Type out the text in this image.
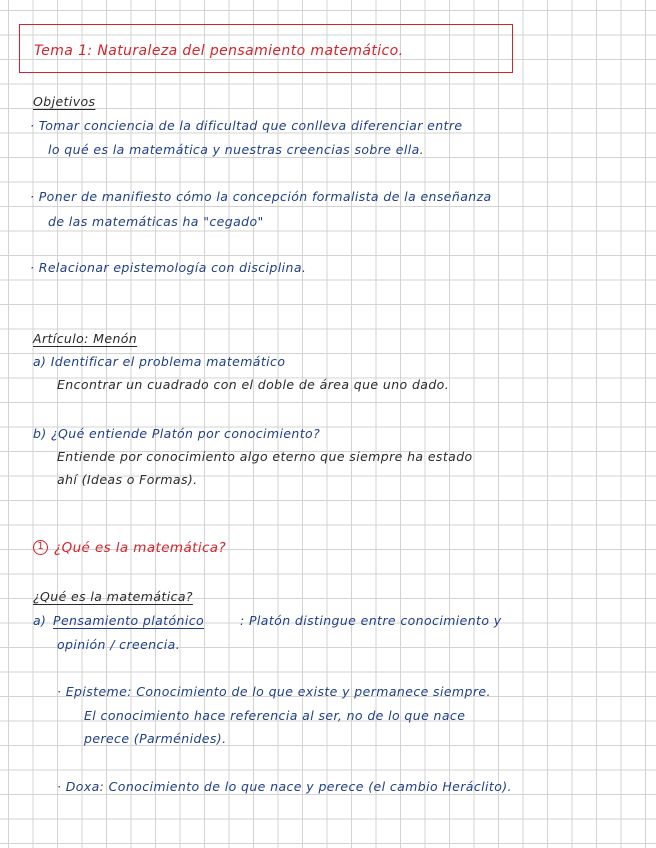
Tema 1: Naturaleza del pensamiento matemático.

Objetivos

· Tomar conciencia de la dificultad que conlleva diferenciar entre

lo qué es la matemática y nuestras creencias sobre ella.

· Poner de manifiesto cómo la concepción formalista de la enseñanza

de las matemáticas ha "cegado"

· Relacionar epistemología con disciplina.

Artículo: Menón

a) Identificar el problema matemático

Encontrar un cuadrado con el doble de área que uno dado.

b) ¿Qué entiende Platón por conocimiento?

Entiende por conocimiento algo eterno que siempre ha estado

ahí (Ideas o Formas).

1 ¿Qué es la matemática?

¿Qué es la matemática?

a) Pensamiento platónico	: Platón distingue entre conocimiento y

opinión / creencia.

· Episteme: Conocimiento de lo que existe y permanece siempre.

El conocimiento hace referencia al ser, no de lo que nace

perece (Parménides).

· Doxa: Conocimiento de lo que nace y perece (el cambio Heráclito).
